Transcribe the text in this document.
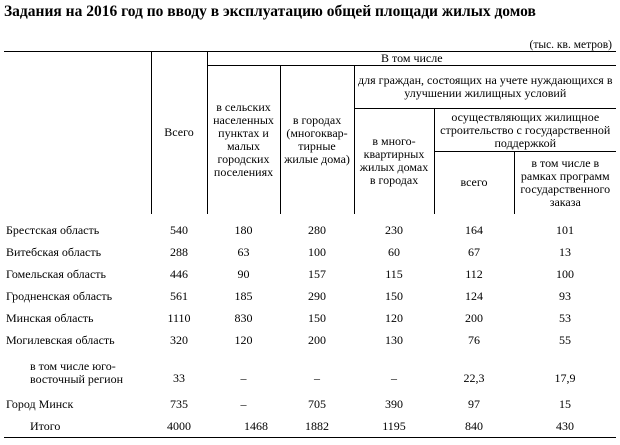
Задания на 2016 год по вводу в эксплуатацию общей площади жилых домов
(тыс. кв. метров)
	Всего	В том числе				
		в сельских населенных пунктах и малых городских поселениях	в городах (многоквар-тирные жилые дома)	для граждан, состоящих на учете нуждающихся в улучшении жилищных условий		
				в много-квартирных жилых домах в городах	осуществляющих жилищное строительство с государственной поддержкой	
					всего	в том числе в рамках программ государственного заказа

Брестская область	540	180	280	230	164	101
Витебская область	288	63	100	60	67	13
Гомельская область	446	90	157	115	112	100
Гродненская область	561	185	290	150	124	93
Минская область	1110	830	150	120	200	53
Могилевская область	320	120	200	130	76	55
в том числе юго-восточный регион	33	–	–	–	22,3	17,9
Город Минск	735	–	705	390	97	15
Итого	4000	1468	1882	1195	840	430
